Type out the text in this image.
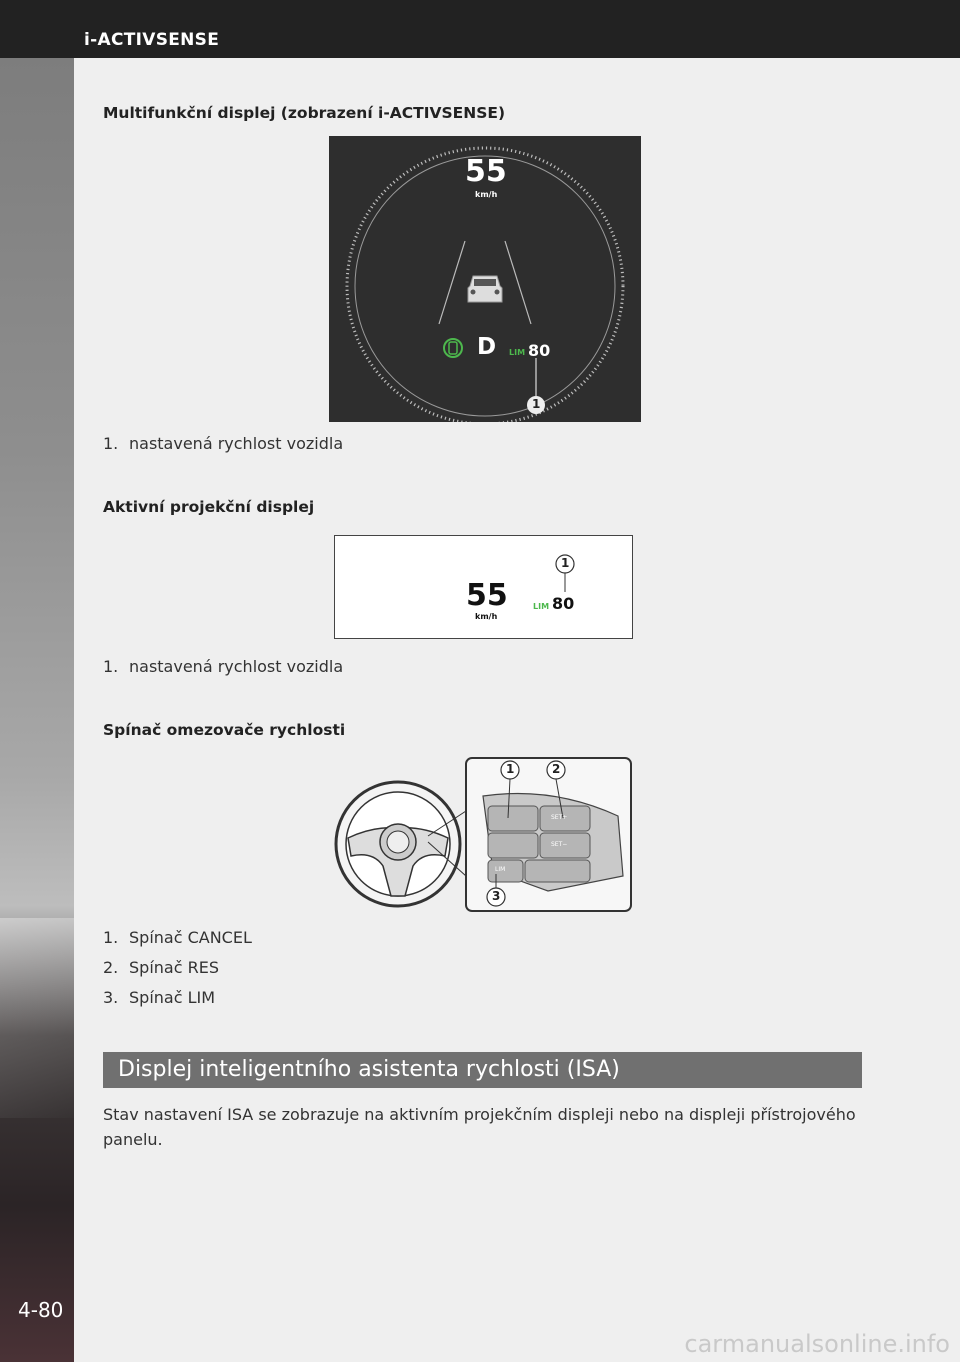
i-ACTIVSENSE
4-80
Multifunkční displej (zobrazení i-ACTIVSENSE)
55
km/h
D LIM 80
1
1. nastavená rychlost vozidla
Aktivní projekční displej
55
km/h
LIM 80
1
1. nastavená rychlost vozidla
Spínač omezovače rychlosti
1	2
3
SET+
SET−
LIM
1. Spínač CANCEL
2. Spínač RES
3. Spínač LIM
Displej inteligentního asistenta rychlosti (ISA)
Stav nastavení ISA se zobrazuje na aktivním projekčním displeji nebo na displeji přístrojového panelu.
carmanualsonline.info
